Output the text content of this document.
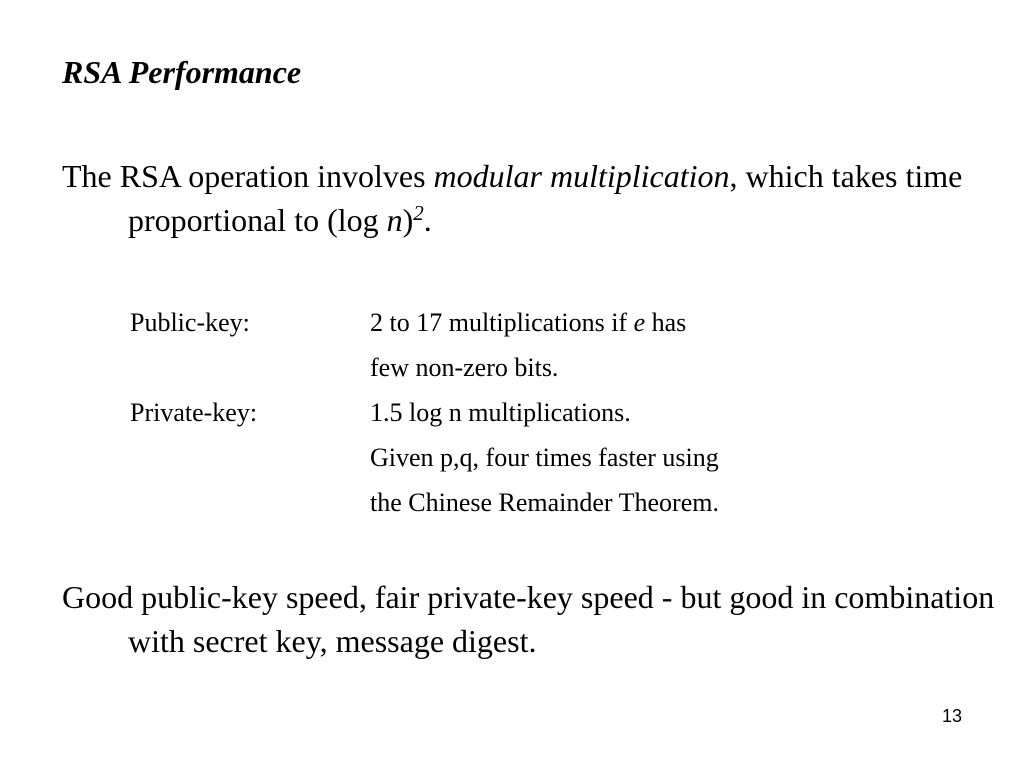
RSA Performance

The RSA operation involves modular multiplication, which takes time proportional to (log n)$^2$.

Public-key:	2 to 17 multiplications if e has
few non-zero bits.
Private-key:	1.5 log n multiplications.
Given p,q, four times faster using
the Chinese Remainder Theorem.

Good public-key speed, fair private-key speed - but good in combination with secret key, message digest.

13
